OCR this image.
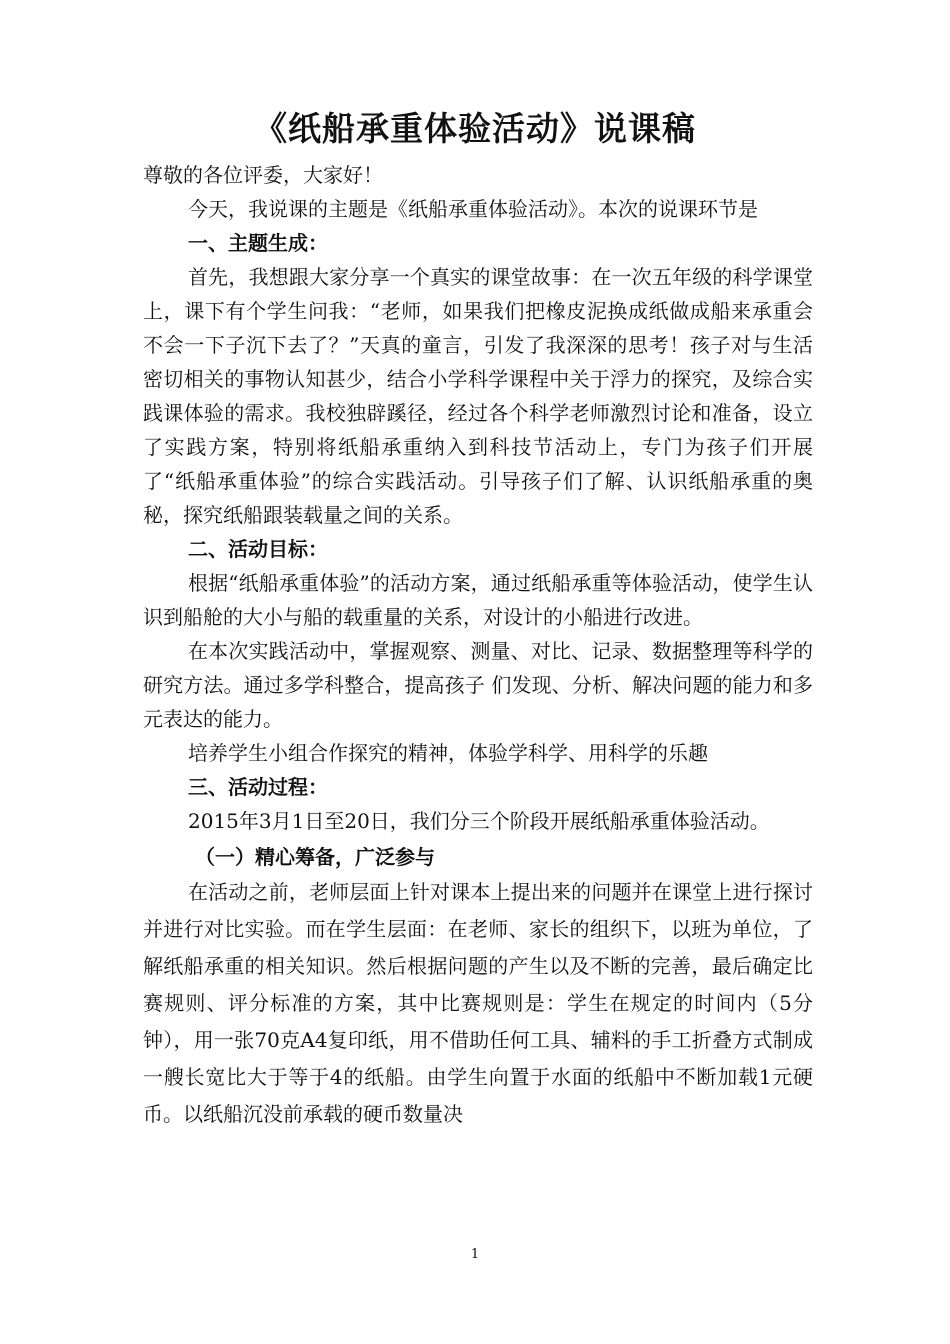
《纸船承重体验活动》说课稿

尊敬的各位评委，大家好！

今天，我说课的主题是《纸船承重体验活动》。本次的说课环节是

一、主题生成：

首先，我想跟大家分享一个真实的课堂故事：在一次五年级的科学课堂上，课下有个学生问我：“老师，如果我们把橡皮泥换成纸做成船来承重会不会一下子沉下去了？”天真的童言，引发了我深深的思考！孩子对与生活密切相关的事物认知甚少，结合小学科学课程中关于浮力的探究，及综合实践课体验的需求。我校独辟蹊径，经过各个科学老师激烈讨论和准备，设立了实践方案，特别将纸船承重纳入到科技节活动上，专门为孩子们开展了“纸船承重体验”的综合实践活动。引导孩子们了解、认识纸船承重的奥秘，探究纸船跟装载量之间的关系。

二、活动目标：

根据“纸船承重体验”的活动方案，通过纸船承重等体验活动，使学生认识到船舱的大小与船的载重量的关系，对设计的小船进行改进。

在本次实践活动中，掌握观察、测量、对比、记录、数据整理等科学的研究方法。通过多学科整合，提高孩子 们发现、分析、解决问题的能力和多元表达的能力。

培养学生小组合作探究的精神，体验学科学、用科学的乐趣

三、活动过程：

2015年3月1日至20日，我们分三个阶段开展纸船承重体验活动。

（一）精心筹备，广泛参与

在活动之前，老师层面上针对课本上提出来的问题并在课堂上进行探讨并进行对比实验。而在学生层面：在老师、家长的组织下，以班为单位，了解纸船承重的相关知识。然后根据问题的产生以及不断的完善，最后确定比赛规则、评分标准的方案，其中比赛规则是：学生在规定的时间内（5分钟），用一张70克A4复印纸，用不借助任何工具、辅料的手工折叠方式制成一艘长宽比大于等于4的纸船。由学生向置于水面的纸船中不断加载1元硬币。以纸船沉没前承载的硬币数量决

1
